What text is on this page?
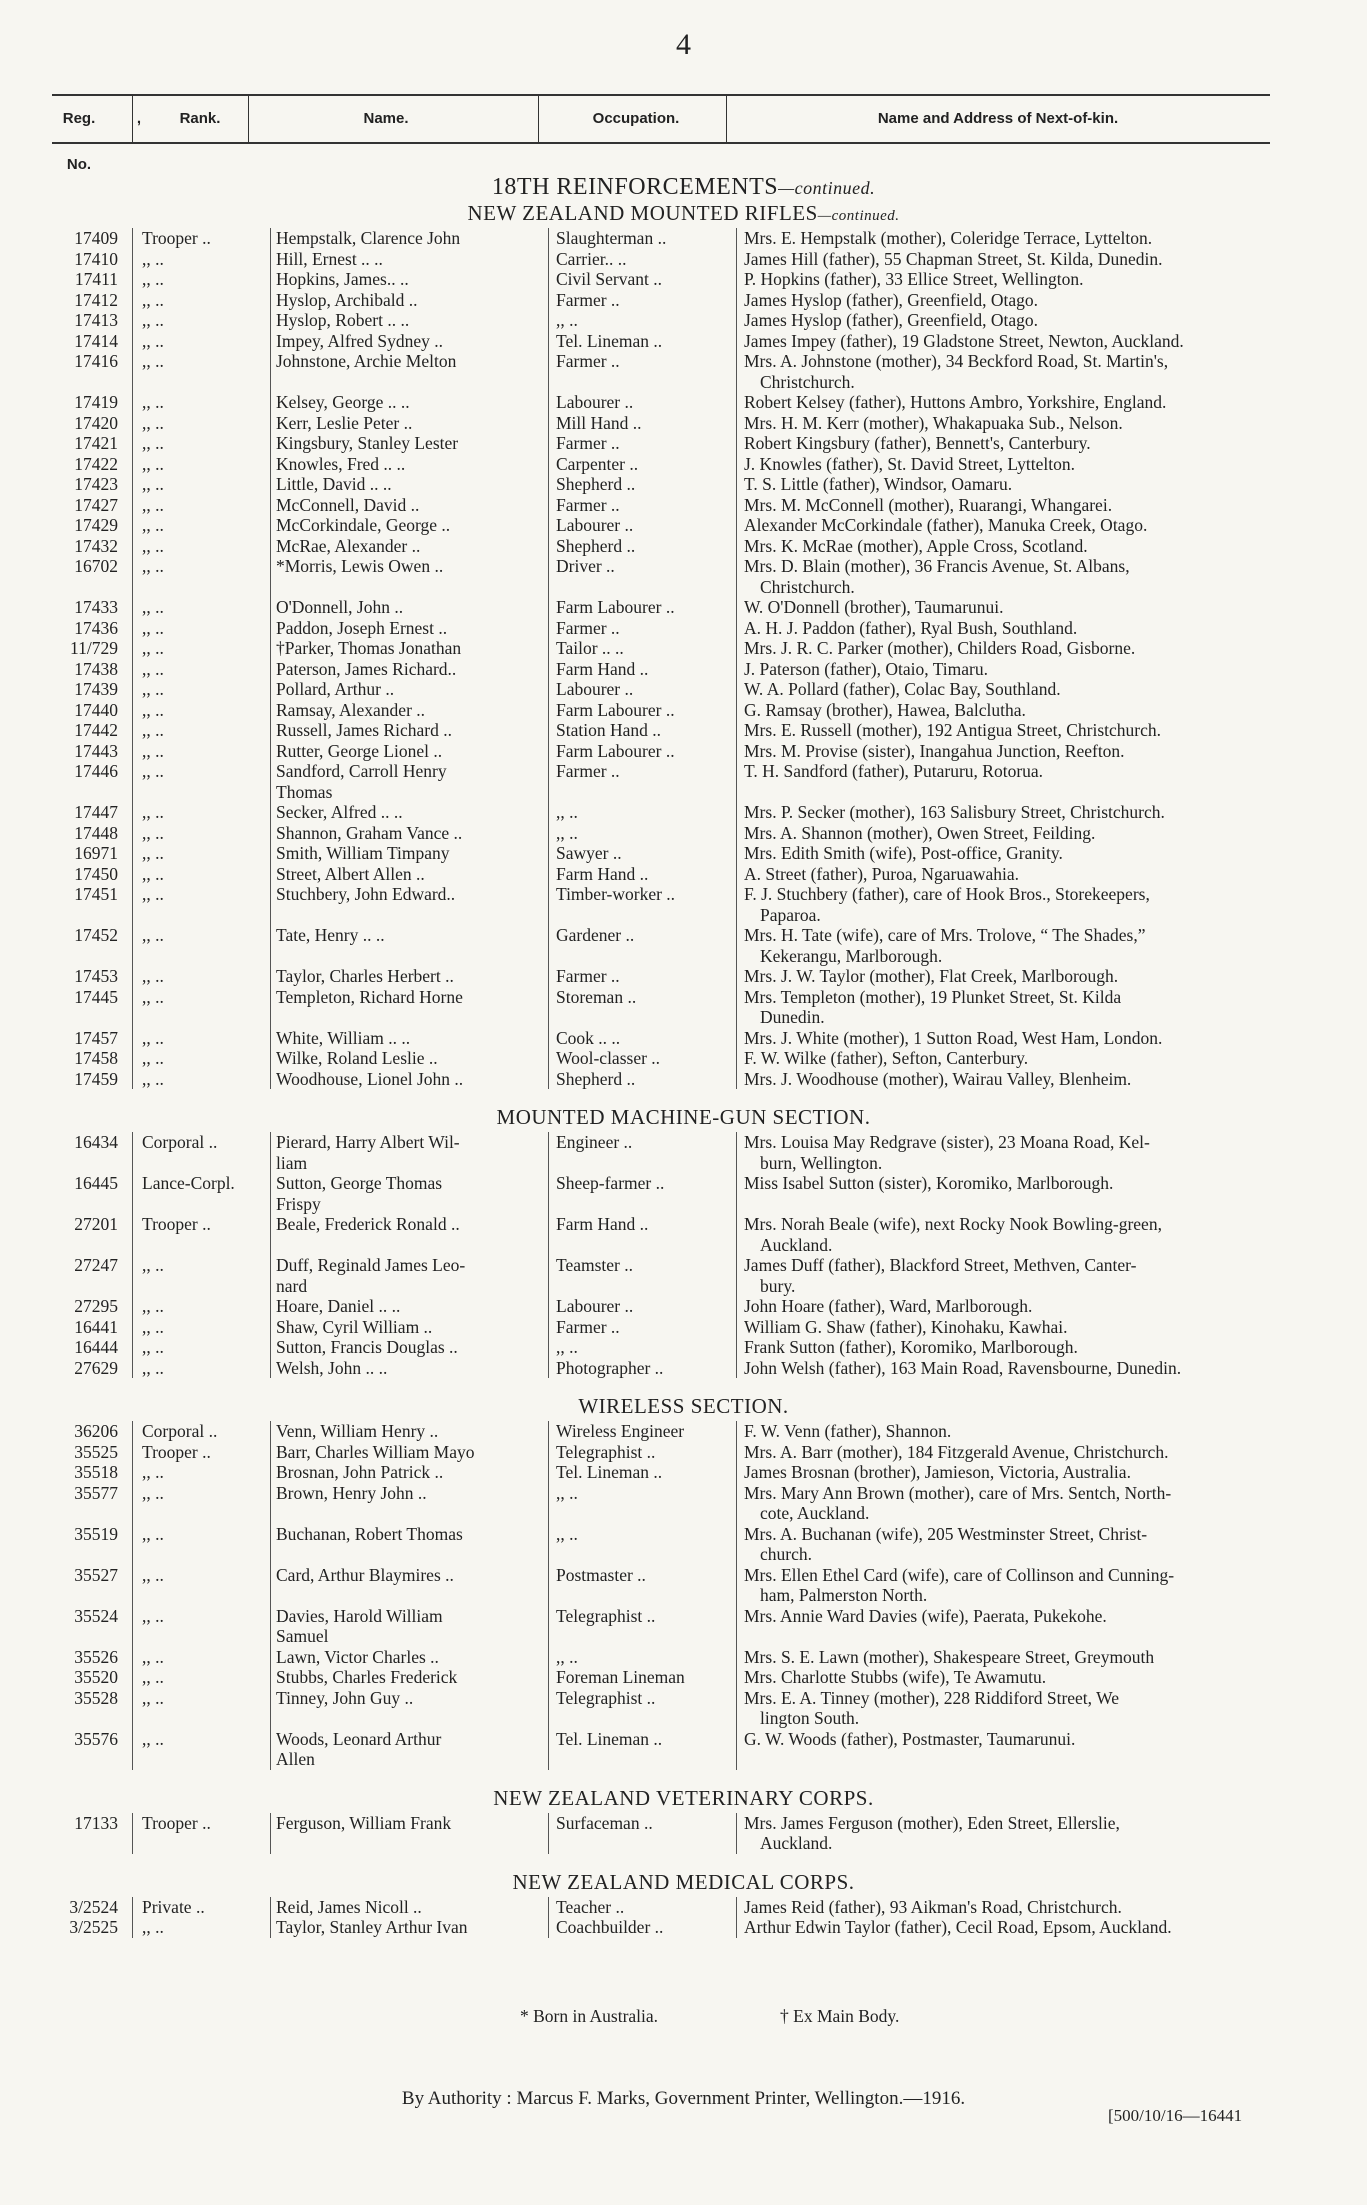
4
Reg. No.
,	Rank.	Name.	Occupation.	Name and Address of Next-of-kin.
18TH REINFORCEMENTS—continued.
NEW ZEALAND MOUNTED RIFLES—continued.
17409 Trooper ..	Hempstalk, Clarence John	Slaughterman ..	Mrs. E. Hempstalk (mother), Coleridge Terrace, Lyttelton.
17410 ,, ..	Hill, Ernest .. ..	Carrier.. ..	James Hill (father), 55 Chapman Street, St. Kilda, Dunedin.
17411 ,, ..	Hopkins, James.. ..	Civil Servant ..	P. Hopkins (father), 33 Ellice Street, Wellington.
17412 ,, ..	Hyslop, Archibald ..	Farmer ..	James Hyslop (father), Greenfield, Otago.
17413 ,, ..	Hyslop, Robert .. ..	,, ..	James Hyslop (father), Greenfield, Otago.
17414 ,, ..	Impey, Alfred Sydney ..	Tel. Lineman ..	James Impey (father), 19 Gladstone Street, Newton, Auckland.
17416 ,, ..	Johnstone, Archie Melton	Farmer ..	Mrs. A. Johnstone (mother), 34 Beckford Road, St. Martin's,
Christchurch.
17419 ,, ..	Kelsey, George .. ..	Labourer ..	Robert Kelsey (father), Huttons Ambro, Yorkshire, England.
17420 ,, ..	Kerr, Leslie Peter ..	Mill Hand ..	Mrs. H. M. Kerr (mother), Whakapuaka Sub., Nelson.
17421 ,, ..	Kingsbury, Stanley Lester	Farmer ..	Robert Kingsbury (father), Bennett's, Canterbury.
17422 ,, ..	Knowles, Fred .. ..	Carpenter ..	J. Knowles (father), St. David Street, Lyttelton.
17423 ,, ..	Little, David .. ..	Shepherd ..	T. S. Little (father), Windsor, Oamaru.
17427 ,, ..	McConnell, David ..	Farmer ..	Mrs. M. McConnell (mother), Ruarangi, Whangarei.
17429 ,, ..	McCorkindale, George ..	Labourer ..	Alexander McCorkindale (father), Manuka Creek, Otago.
17432 ,, ..	McRae, Alexander ..	Shepherd ..	Mrs. K. McRae (mother), Apple Cross, Scotland.
16702 ,, ..	*Morris, Lewis Owen ..	Driver ..	Mrs. D. Blain (mother), 36 Francis Avenue, St. Albans,
Christchurch.
17433 ,, ..	O'Donnell, John ..	Farm Labourer ..	W. O'Donnell (brother), Taumarunui.
17436 ,, ..	Paddon, Joseph Ernest ..	Farmer ..	A. H. J. Paddon (father), Ryal Bush, Southland.
11/729 ,, ..	†Parker, Thomas Jonathan	Tailor .. ..	Mrs. J. R. C. Parker (mother), Childers Road, Gisborne.
17438 ,, ..	Paterson, James Richard..	Farm Hand ..	J. Paterson (father), Otaio, Timaru.
17439 ,, ..	Pollard, Arthur ..	Labourer ..	W. A. Pollard (father), Colac Bay, Southland.
17440 ,, ..	Ramsay, Alexander ..	Farm Labourer ..	G. Ramsay (brother), Hawea, Balclutha.
17442 ,, ..	Russell, James Richard ..	Station Hand ..	Mrs. E. Russell (mother), 192 Antigua Street, Christchurch.
17443 ,, ..	Rutter, George Lionel ..	Farm Labourer ..	Mrs. M. Provise (sister), Inangahua Junction, Reefton.
17446 ,, ..	Sandford, Carroll Henry
Thomas
Farmer ..	T. H. Sandford (father), Putaruru, Rotorua.
17447 ,, ..	Secker, Alfred .. ..	,, ..	Mrs. P. Secker (mother), 163 Salisbury Street, Christchurch.
17448 ,, ..	Shannon, Graham Vance ..	,, ..	Mrs. A. Shannon (mother), Owen Street, Feilding.
16971 ,, ..	Smith, William Timpany	Sawyer ..	Mrs. Edith Smith (wife), Post-office, Granity.
17450 ,, ..	Street, Albert Allen ..	Farm Hand ..	A. Street (father), Puroa, Ngaruawahia.
17451 ,, ..	Stuchbery, John Edward..	Timber-worker ..	F. J. Stuchbery (father), care of Hook Bros., Storekeepers,
Paparoa.
17452 ,, ..	Tate, Henry .. ..	Gardener ..	Mrs. H. Tate (wife), care of Mrs. Trolove, “ The Shades,”
Kekerangu, Marlborough.
17453 ,, ..	Taylor, Charles Herbert ..	Farmer ..	Mrs. J. W. Taylor (mother), Flat Creek, Marlborough.
17445 ,, ..	Templeton, Richard Horne	Storeman ..	Mrs. Templeton (mother), 19 Plunket Street, St. Kilda
Dunedin.
17457 ,, ..	White, William .. ..	Cook .. ..	Mrs. J. White (mother), 1 Sutton Road, West Ham, London.
17458 ,, ..	Wilke, Roland Leslie ..	Wool-classer ..	F. W. Wilke (father), Sefton, Canterbury.
17459 ,, ..	Woodhouse, Lionel John ..	Shepherd ..	Mrs. J. Woodhouse (mother), Wairau Valley, Blenheim.
MOUNTED MACHINE-GUN SECTION.
16434 Corporal ..	Pierard, Harry Albert Wil-
liam
Engineer ..	Mrs. Louisa May Redgrave (sister), 23 Moana Road, Kel-
burn, Wellington.
16445 Lance-Corpl.	Sutton, George Thomas
Frispy
Sheep-farmer ..	Miss Isabel Sutton (sister), Koromiko, Marlborough.
27201 Trooper ..	Beale, Frederick Ronald ..	Farm Hand ..	Mrs. Norah Beale (wife), next Rocky Nook Bowling-green,
Auckland.
27247 ,, ..	Duff, Reginald James Leo-
nard
Teamster ..	James Duff (father), Blackford Street, Methven, Canter-
bury.
27295 ,, ..	Hoare, Daniel .. ..	Labourer ..	John Hoare (father), Ward, Marlborough.
16441 ,, ..	Shaw, Cyril William ..	Farmer ..	William G. Shaw (father), Kinohaku, Kawhai.
16444 ,, ..	Sutton, Francis Douglas ..	,, ..	Frank Sutton (father), Koromiko, Marlborough.
27629 ,, ..	Welsh, John .. ..	Photographer ..	John Welsh (father), 163 Main Road, Ravensbourne, Dunedin.
WIRELESS SECTION.
36206 Corporal ..	Venn, William Henry ..	Wireless Engineer	F. W. Venn (father), Shannon.
35525 Trooper ..	Barr, Charles William Mayo	Telegraphist ..	Mrs. A. Barr (mother), 184 Fitzgerald Avenue, Christchurch.
35518 ,, ..	Brosnan, John Patrick ..	Tel. Lineman ..	James Brosnan (brother), Jamieson, Victoria, Australia.
35577 ,, ..	Brown, Henry John ..	,, ..	Mrs. Mary Ann Brown (mother), care of Mrs. Sentch, North-
cote, Auckland.
35519 ,, ..	Buchanan, Robert Thomas	,, ..	Mrs. A. Buchanan (wife), 205 Westminster Street, Christ-
church.
35527 ,, ..	Card, Arthur Blaymires ..	Postmaster ..	Mrs. Ellen Ethel Card (wife), care of Collinson and Cunning-
ham, Palmerston North.
35524 ,, ..	Davies, Harold William
Samuel
Telegraphist ..	Mrs. Annie Ward Davies (wife), Paerata, Pukekohe.
35526 ,, ..	Lawn, Victor Charles ..	,, ..	Mrs. S. E. Lawn (mother), Shakespeare Street, Greymouth
35520 ,, ..	Stubbs, Charles Frederick	Foreman Lineman	Mrs. Charlotte Stubbs (wife), Te Awamutu.
35528 ,, ..	Tinney, John Guy ..	Telegraphist ..	Mrs. E. A. Tinney (mother), 228 Riddiford Street, We
lington South.
35576 ,, ..	Woods, Leonard Arthur
Allen
Tel. Lineman ..	G. W. Woods (father), Postmaster, Taumarunui.
NEW ZEALAND VETERINARY CORPS.
17133 Trooper ..	Ferguson, William Frank	Surfaceman ..	Mrs. James Ferguson (mother), Eden Street, Ellerslie,
Auckland.
NEW ZEALAND MEDICAL CORPS.
3/2524 Private ..	Reid, James Nicoll ..	Teacher ..	James Reid (father), 93 Aikman's Road, Christchurch.
3/2525 ,, ..	Taylor, Stanley Arthur Ivan	Coachbuilder ..	Arthur Edwin Taylor (father), Cecil Road, Epsom, Auckland.
* Born in Australia.	† Ex Main Body.
By Authority : Marcus F. Marks, Government Printer, Wellington.—1916.
[500/10/16—16441
